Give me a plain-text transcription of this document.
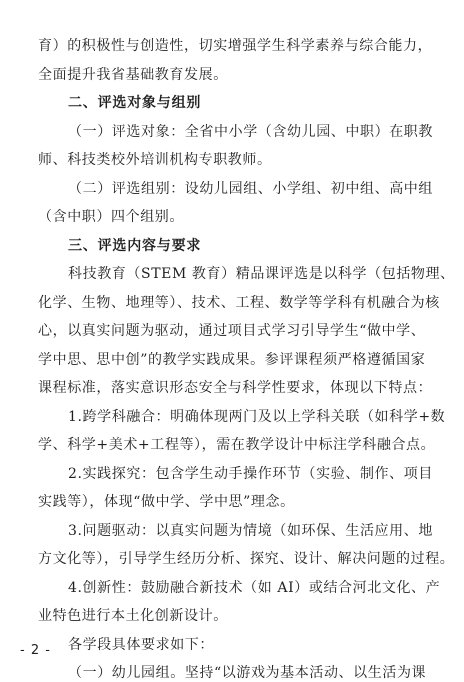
育）的积极性与创造性，切实增强学生科学素养与综合能力，
全面提升我省基础教育发展。
二、评选对象与组别
（一）评选对象：全省中小学（含幼儿园、中职）在职教
师、科技类校外培训机构专职教师。
（二）评选组别：设幼儿园组、小学组、初中组、高中组
（含中职）四个组别。
三、评选内容与要求
科技教育（STEM 教育）精品课评选是以科学（包括物理、
化学、生物、地理等）、技术、工程、数学等学科有机融合为核
心，以真实问题为驱动，通过项目式学习引导学生“做中学、
学中思、思中创”的教学实践成果。参评课程须严格遵循国家
课程标准，落实意识形态安全与科学性要求，体现以下特点：
1.跨学科融合：明确体现两门及以上学科关联（如科学+数
学、科学+美术+工程等），需在教学设计中标注学科融合点。
2.实践探究：包含学生动手操作环节（实验、制作、项目
实践等），体现“做中学、学中思”理念。
3.问题驱动：以真实问题为情境（如环保、生活应用、地
方文化等），引导学生经历分析、探究、设计、解决问题的过程。
4.创新性：鼓励融合新技术（如 AI）或结合河北文化、产
业特色进行本土化创新设计。
各学段具体要求如下：
（一）幼儿园组。坚持“以游戏为基本活动、以生活为课
- 2 -
